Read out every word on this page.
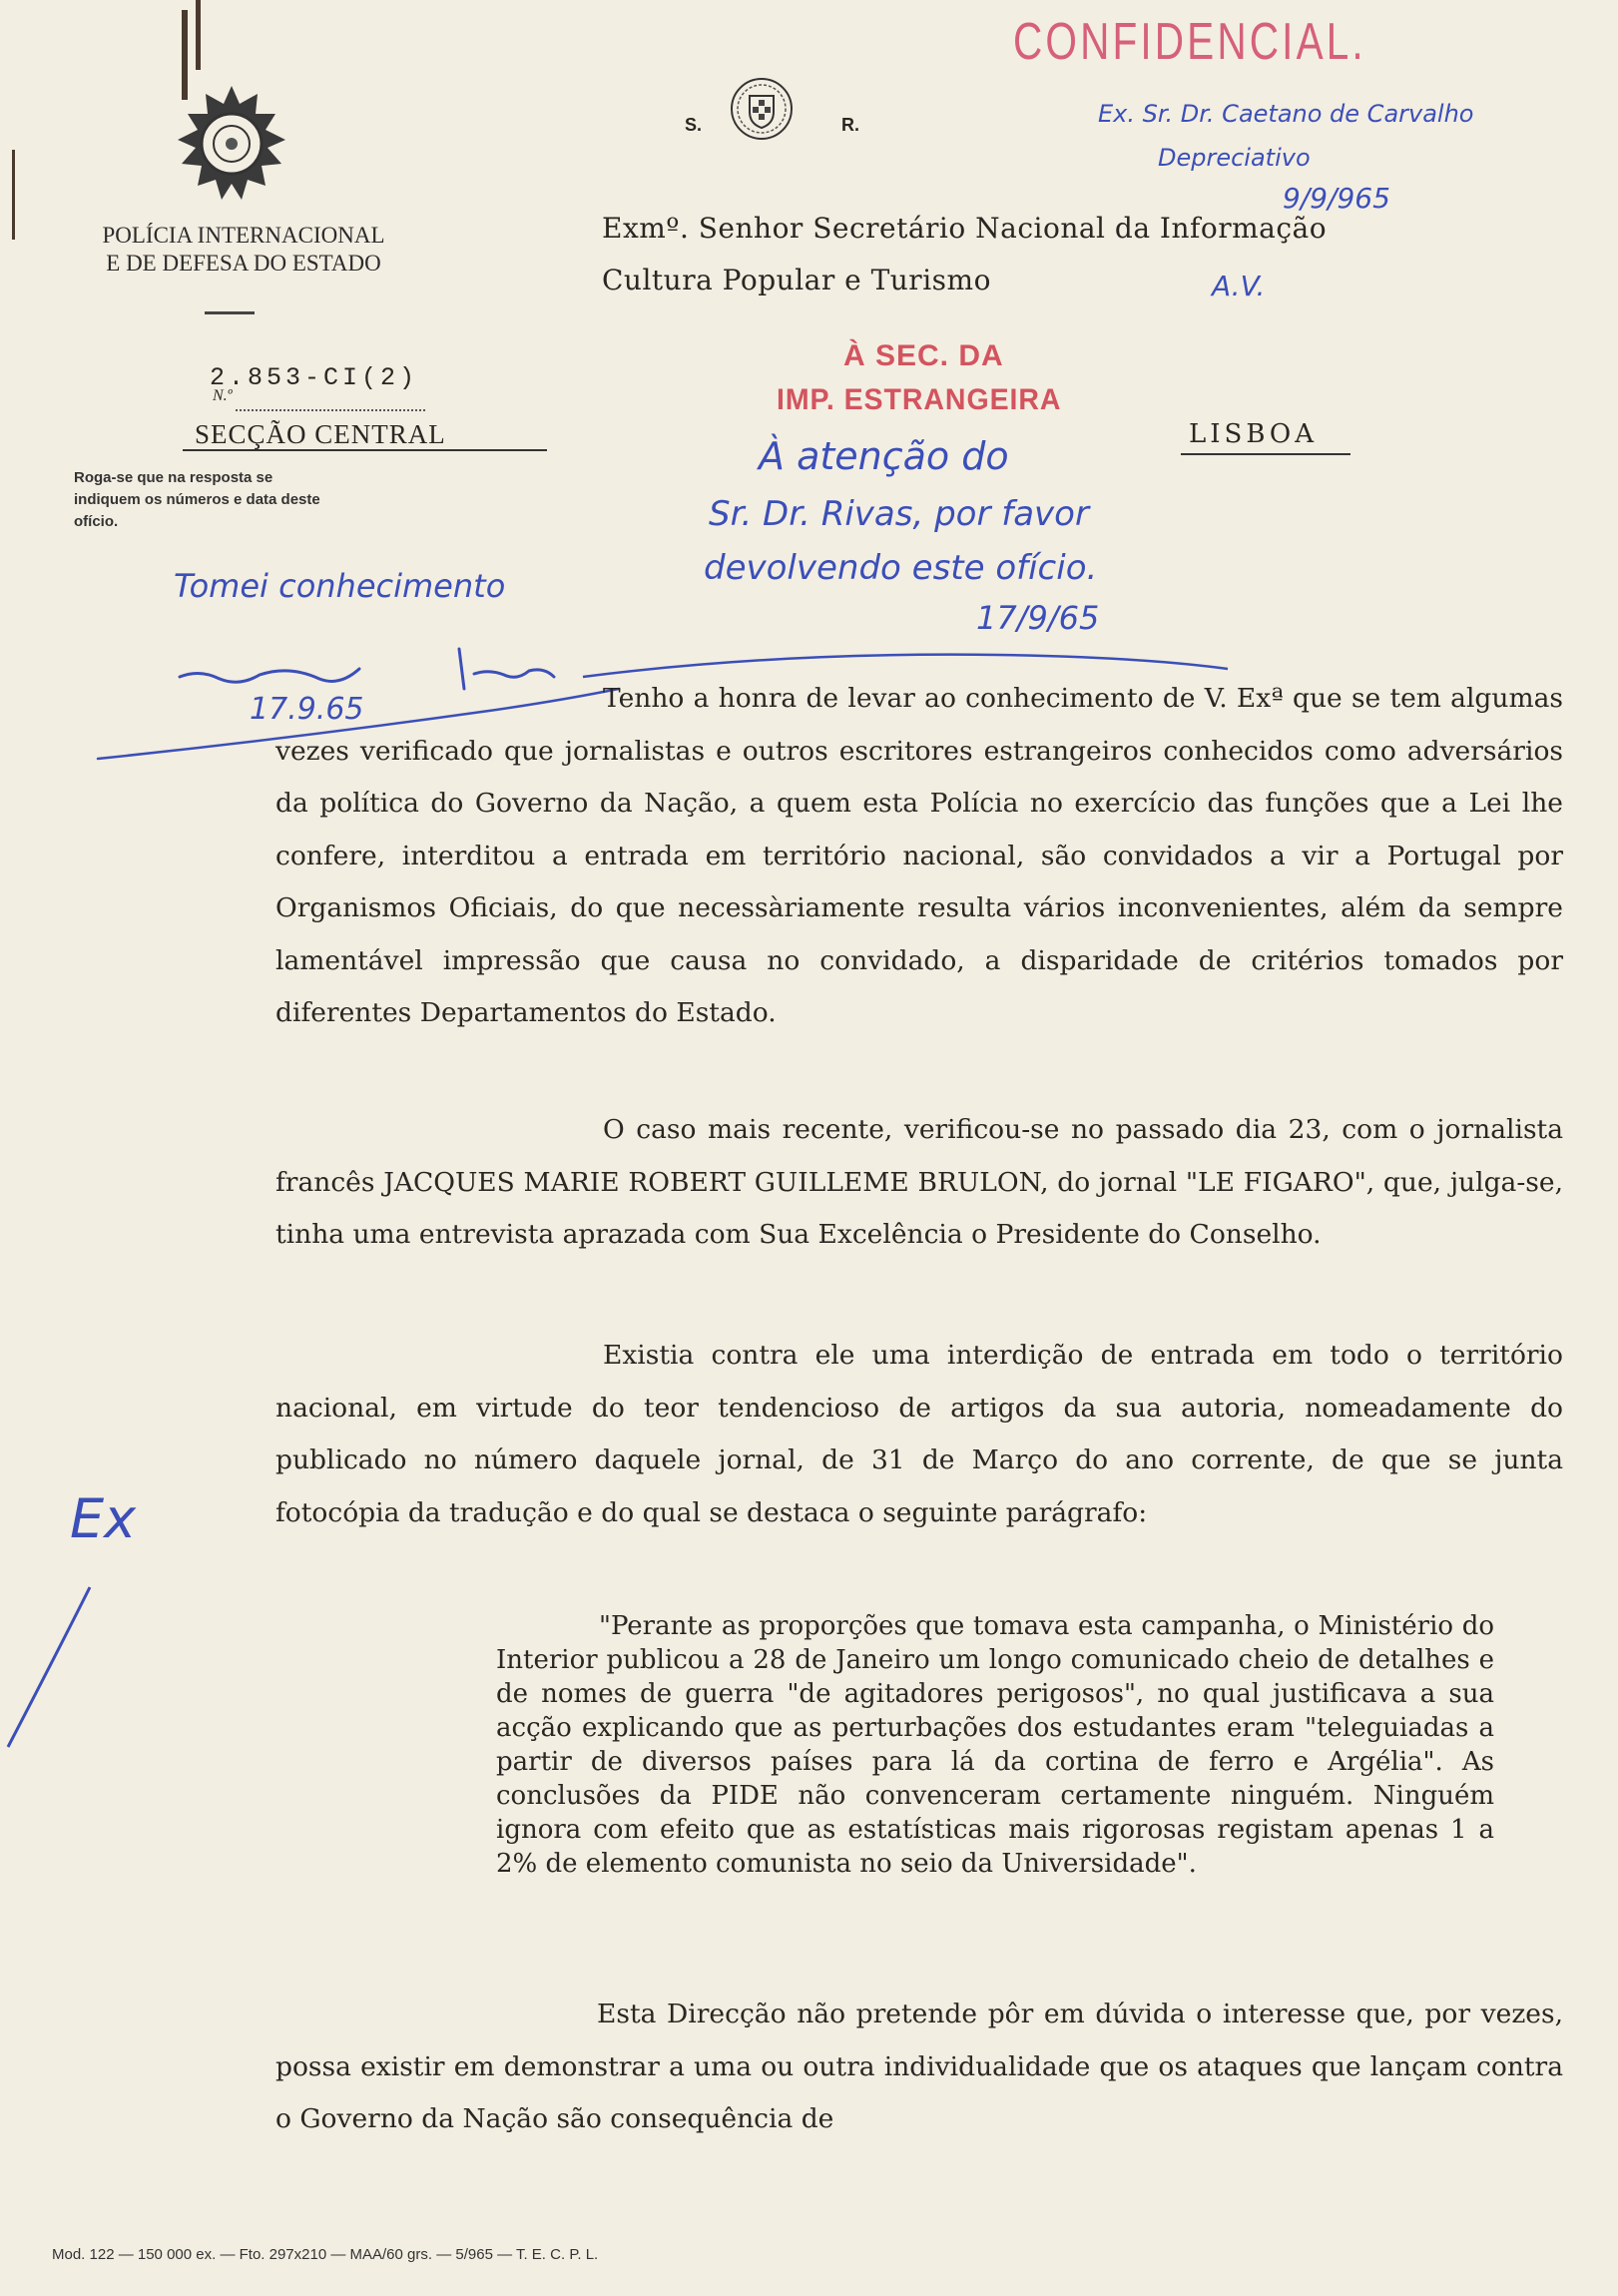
POLÍCIA INTERNACIONAL
E DE DEFESA DO ESTADO
N.º
2.853-CI(2)
SECÇÃO CENTRAL
Roga-se que na resposta se indiquem os números e data deste ofício.
S.	R.
CONFIDENCIAL.
Exmº. Senhor Secretário Nacional da Informação
Cultura Popular e Turismo
À SEC. DA
IMP. ESTRANGEIRA
LISBOA
Ex. Sr. Dr. Caetano de Carvalho
Depreciativo
9/9/965
A.V.
À atenção do
Sr. Dr. Rivas, por favor
devolvendo este ofício.
17/9/65
Tomei conhecimento
17.9.65
Ex
Tenho a honra de levar ao conhecimento de V. Exª que se tem algumas vezes verificado que jornalistas e outros escritores estrangeiros conhecidos como adversários da política do Governo da Nação, a quem esta Polícia no exercício das funções que a Lei lhe confere, interditou a entrada em território nacional, são convidados a vir a Portugal por Organismos Oficiais, do que necessàriamente resulta vários inconvenientes, além da sempre lamentável impressão que causa no convidado, a disparidade de critérios tomados por diferentes Departamentos do Estado.
O caso mais recente, verificou-se no passado dia 23, com o jornalista francês JACQUES MARIE ROBERT GUILLEME BRULON, do jornal "LE FIGARO", que, julga-se, tinha uma entrevista aprazada com Sua Excelência o Presidente do Conselho.
Existia contra ele uma interdição de entrada em todo o território nacional, em virtude do teor tendencioso de artigos da sua autoria, nomeadamente do publicado no número daquele jornal, de 31 de Março do ano corrente, de que se junta fotocópia da tradução e do qual se destaca o seguinte parágrafo:
"Perante as proporções que tomava esta campanha, o Ministério do Interior publicou a 28 de Janeiro um longo comunicado cheio de detalhes e de nomes de guerra "de agitadores perigosos", no qual justificava a sua acção explicando que as perturbações dos estudantes eram "teleguiadas a partir de diversos países para lá da cortina de ferro e Argélia". As conclusões da PIDE não convenceram certamente ninguém. Ninguém ignora com efeito que as estatísticas mais rigorosas registam apenas 1 a 2% de elemento comunista no seio da Universidade".
Esta Direcção não pretende pôr em dúvida o interesse que, por vezes, possa existir em demonstrar a uma ou outra individualidade que os ataques que lançam contra o Governo da Nação são consequência de
Mod. 122 — 150 000 ex. — Fto. 297x210 — MAA/60 grs. — 5/965 — T. E. C. P. L.
